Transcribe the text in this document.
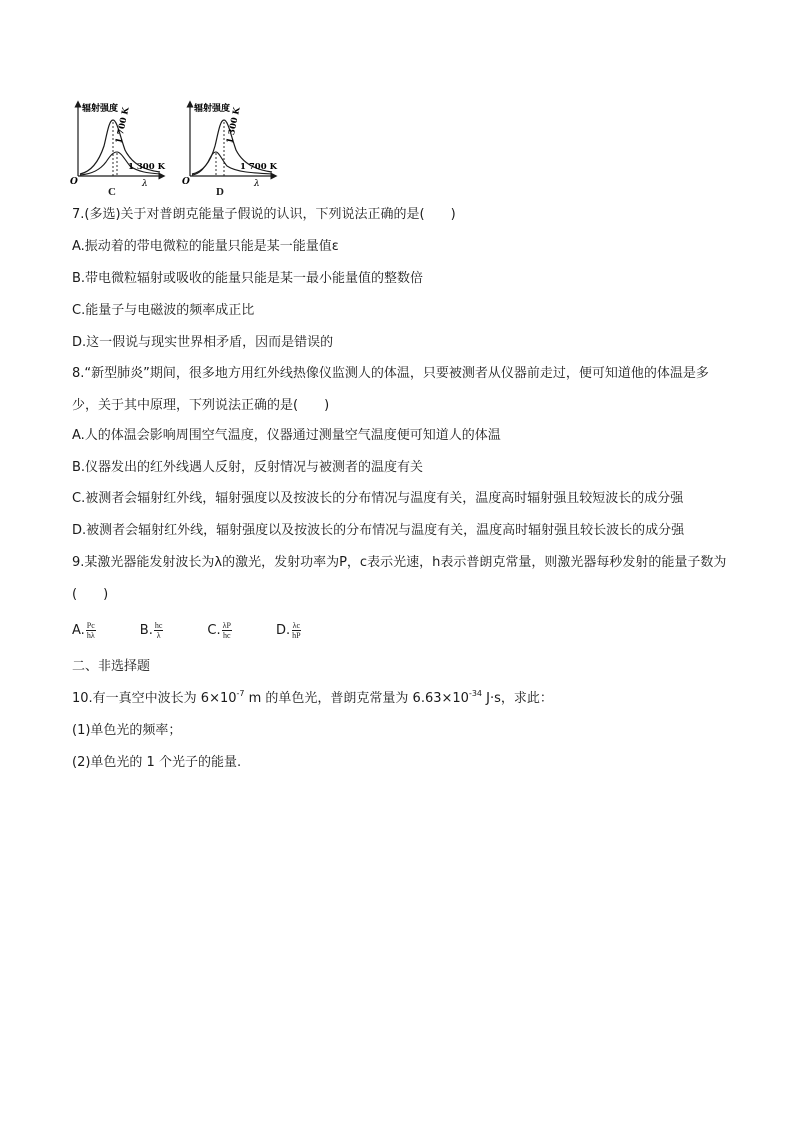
辐射强度
1 700 K
1 300 K
O	λ
C
辐射强度
1 300 K
1 700 K
O	λ
D
7.(多选)关于对普朗克能量子假说的认识，下列说法正确的是(　　)
A.振动着的带电微粒的能量只能是某一能量值ε
B.带电微粒辐射或吸收的能量只能是某一最小能量值的整数倍
C.能量子与电磁波的频率成正比
D.这一假说与现实世界相矛盾，因而是错误的
8.“新型肺炎”期间，很多地方用红外线热像仪监测人的体温，只要被测者从仪器前走过，便可知道他的体温是多少，关于其中原理，下列说法正确的是(　　)
A.人的体温会影响周围空气温度，仪器通过测量空气温度便可知道人的体温
B.仪器发出的红外线遇人反射，反射情况与被测者的温度有关
C.被测者会辐射红外线，辐射强度以及按波长的分布情况与温度有关，温度高时辐射强且较短波长的成分强
D.被测者会辐射红外线，辐射强度以及按波长的分布情况与温度有关，温度高时辐射强且较长波长的成分强
9.某激光器能发射波长为λ的激光，发射功率为P，c表示光速，h表示普朗克常量，则激光器每秒发射的能量子数为(　　)
A. $\frac{Pc}{h\lambda}$	B. $\frac{hc}{\lambda}$	C. $\frac{\lambda P}{hc}$	D. $\frac{\lambda c}{hP}$
二、非选择题
10.有一真空中波长为 $6\times 10^{-7}$ m 的单色光，普朗克常量为 $6.63\times 10^{-34}$ J·s，求此：
(1)单色光的频率；
(2)单色光的 1 个光子的能量.
